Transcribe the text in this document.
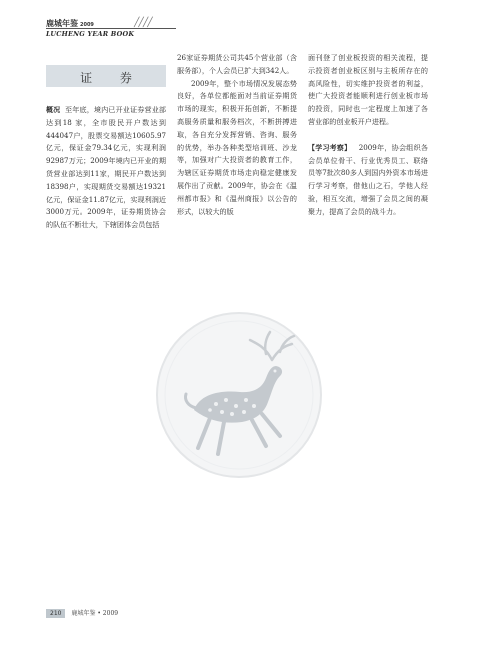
鹿城年鉴 2009	╱╱╱╱
LUCHENG YEAR BOOK
证 券

概况 至年底，境内已开业证券营业部达到18 家，全市股民开户数达到444047户，股票交易额达10605.97亿元，保证金79.34亿元，实现利润92987万元；2009年境内已开业的期货营业部达到11家，期民开户数达到18398户，实现期货交易额达19321亿元，保证金11.87亿元，实现利润近3000万元。2009年，证券期货协会的队伍不断壮大，下辖团体会员包括

26家证券期货公司共45个营业部（含服务部），个人会员已扩大到342人。

2009年，整个市场情况发展态势良好，各单位都能面对当前证券期货市场的现实，积极开拓创新，不断提高服务质量和服务档次，不断拼搏进取，各自充分发挥营销、咨询、服务的优势，举办各种类型培训班、沙龙等，加强对广大投资者的教育工作，为辖区证券期货市场走向稳定健康发展作出了贡献。2009年，协会在《温州都市报》和《温州商报》以公告的形式，以较大的版

面刊登了创业板投资的相关流程，提示投资者创业板区别与主板所存在的高风险性，切实维护投资者的利益，使广大投资者能顺利进行创业板市场的投资，同时也一定程度上加速了各营业部的创业板开户进程。

【学习考察】 2009年，协会组织各会员单位骨干、行业优秀员工、联络员等7批次80多人到国内外资本市场进行学习考察，借他山之石，学他人经验，相互交流，增强了会员之间的凝聚力，提高了会员的战斗力。

210 鹿城年鉴 • 2009
